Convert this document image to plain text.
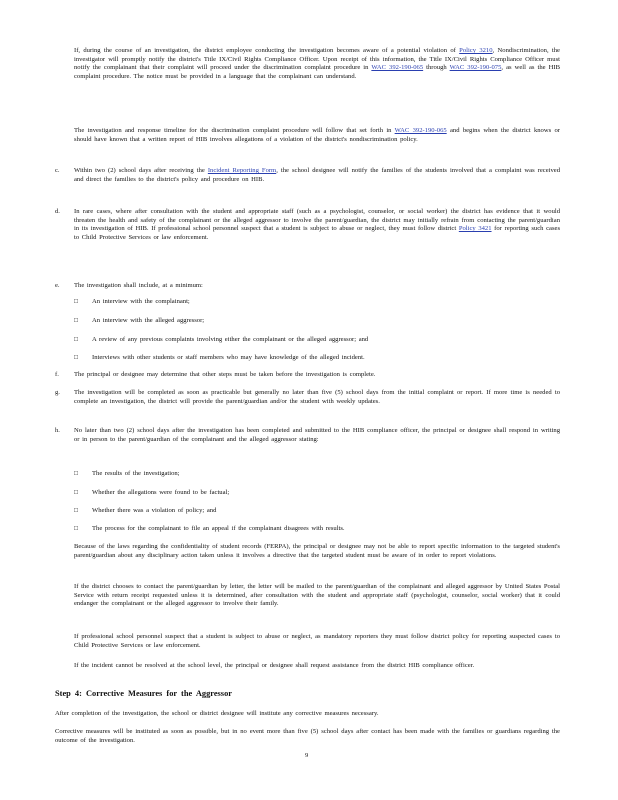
If, during the course of an investigation, the district employee conducting the investigation becomes aware of a potential violation of Policy 3210, Nondiscrimination, the investigator will promptly notify the district's Title IX/Civil Rights Compliance Officer. Upon receipt of this information, the Title IX/Civil Rights Compliance Officer must notify the complainant that their complaint will proceed under the discrimination complaint procedure in WAC 392-190-065 through WAC 392-190-075, as well as the HIB complaint procedure. The notice must be provided in a language that the complainant can understand.
The investigation and response timeline for the discrimination complaint procedure will follow that set forth in WAC 392-190-065 and begins when the district knows or should have known that a written report of HIB involves allegations of a violation of the district's nondiscrimination policy.
c. Within two (2) school days after receiving the Incident Reporting Form, the school designee will notify the families of the students involved that a complaint was received and direct the families to the district's policy and procedure on HIB.
d. In rare cases, where after consultation with the student and appropriate staff (such as a psychologist, counselor, or social worker) the district has evidence that it would threaten the health and safety of the complainant or the alleged aggressor to involve the parent/guardian, the district may initially refrain from contacting the parent/guardian in its investigation of HIB. If professional school personnel suspect that a student is subject to abuse or neglect, they must follow district Policy 3421 for reporting such cases to Child Protective Services or law enforcement.
e. The investigation shall include, at a minimum:
□ An interview with the complainant;
□ An interview with the alleged aggressor;
□ A review of any previous complaints involving either the complainant or the alleged aggressor; and
□ Interviews with other students or staff members who may have knowledge of the alleged incident.
f. The principal or designee may determine that other steps must be taken before the investigation is complete.
g. The investigation will be completed as soon as practicable but generally no later than five (5) school days from the initial complaint or report. If more time is needed to complete an investigation, the district will provide the parent/guardian and/or the student with weekly updates.
h. No later than two (2) school days after the investigation has been completed and submitted to the HIB compliance officer, the principal or designee shall respond in writing or in person to the parent/guardian of the complainant and the alleged aggressor stating:
□ The results of the investigation;
□ Whether the allegations were found to be factual;
□ Whether there was a violation of policy; and
□ The process for the complainant to file an appeal if the complainant disagrees with results.
Because of the laws regarding the confidentiality of student records (FERPA), the principal or designee may not be able to report specific information to the targeted student's parent/guardian about any disciplinary action taken unless it involves a directive that the targeted student must be aware of in order to report violations.
If the district chooses to contact the parent/guardian by letter, the letter will be mailed to the parent/guardian of the complainant and alleged aggressor by United States Postal Service with return receipt requested unless it is determined, after consultation with the student and appropriate staff (psychologist, counselor, social worker) that it could endanger the complainant or the alleged aggressor to involve their family.
If professional school personnel suspect that a student is subject to abuse or neglect, as mandatory reporters they must follow district policy for reporting suspected cases to Child Protective Services or law enforcement.
If the incident cannot be resolved at the school level, the principal or designee shall request assistance from the district HIB compliance officer.
Step 4: Corrective Measures for the Aggressor
After completion of the investigation, the school or district designee will institute any corrective measures necessary.
Corrective measures will be instituted as soon as possible, but in no event more than five (5) school days after contact has been made with the families or guardians regarding the outcome of the investigation.
9
